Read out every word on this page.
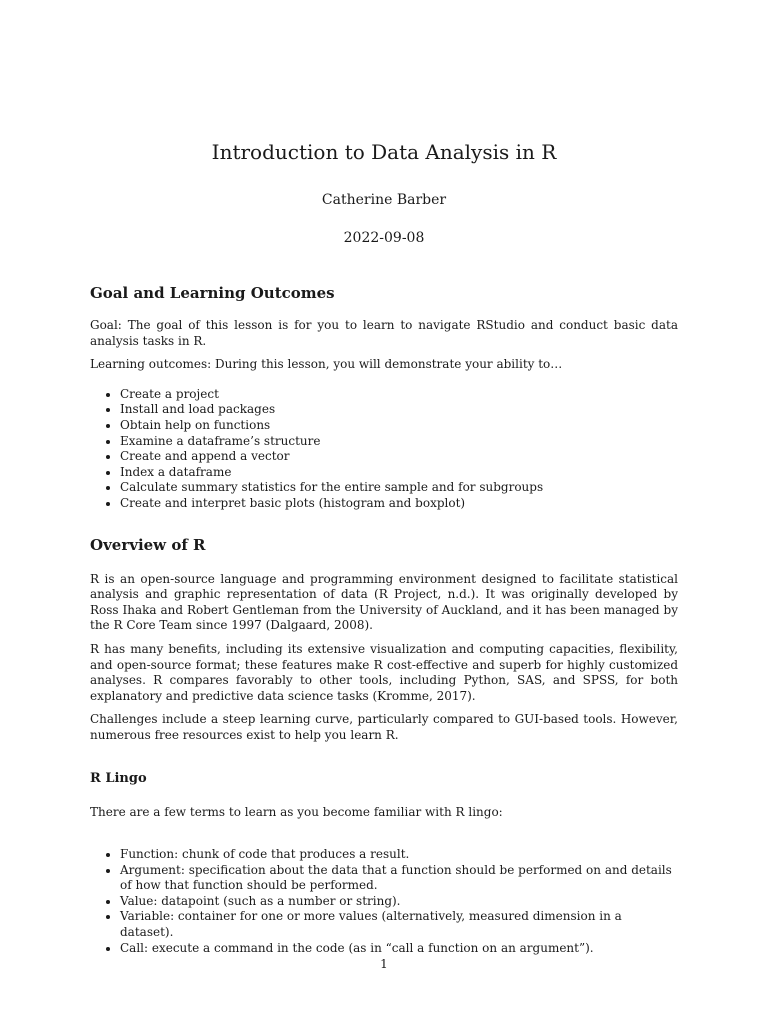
Introduction to Data Analysis in R
Catherine Barber
2022-09-08
Goal and Learning Outcomes

Goal: The goal of this lesson is for you to learn to navigate RStudio and conduct basic data analysis tasks in R.

Learning outcomes: During this lesson, you will demonstrate your ability to…

• Create a project
• Install and load packages
• Obtain help on functions
• Examine a dataframe’s structure
• Create and append a vector
• Index a dataframe
• Calculate summary statistics for the entire sample and for subgroups
• Create and interpret basic plots (histogram and boxplot)
Overview of R

R is an open-source language and programming environment designed to facilitate statistical analysis and graphic representation of data (R Project, n.d.). It was originally developed by Ross Ihaka and Robert Gentleman from the University of Auckland, and it has been managed by the R Core Team since 1997 (Dalgaard, 2008).

R has many benefits, including its extensive visualization and computing capacities, flexibility, and open-source format; these features make R cost-effective and superb for highly customized analyses. R compares favorably to other tools, including Python, SAS, and SPSS, for both explanatory and predictive data science tasks (Kromme, 2017).

Challenges include a steep learning curve, particularly compared to GUI-based tools. However, numerous free resources exist to help you learn R.

R Lingo

There are a few terms to learn as you become familiar with R lingo:

• Function: chunk of code that produces a result.
• Argument: specification about the data that a function should be performed on and details of how that function should be performed.
• Value: datapoint (such as a number or string).
• Variable: container for one or more values (alternatively, measured dimension in a dataset).
• Call: execute a command in the code (as in “call a function on an argument”).
1
